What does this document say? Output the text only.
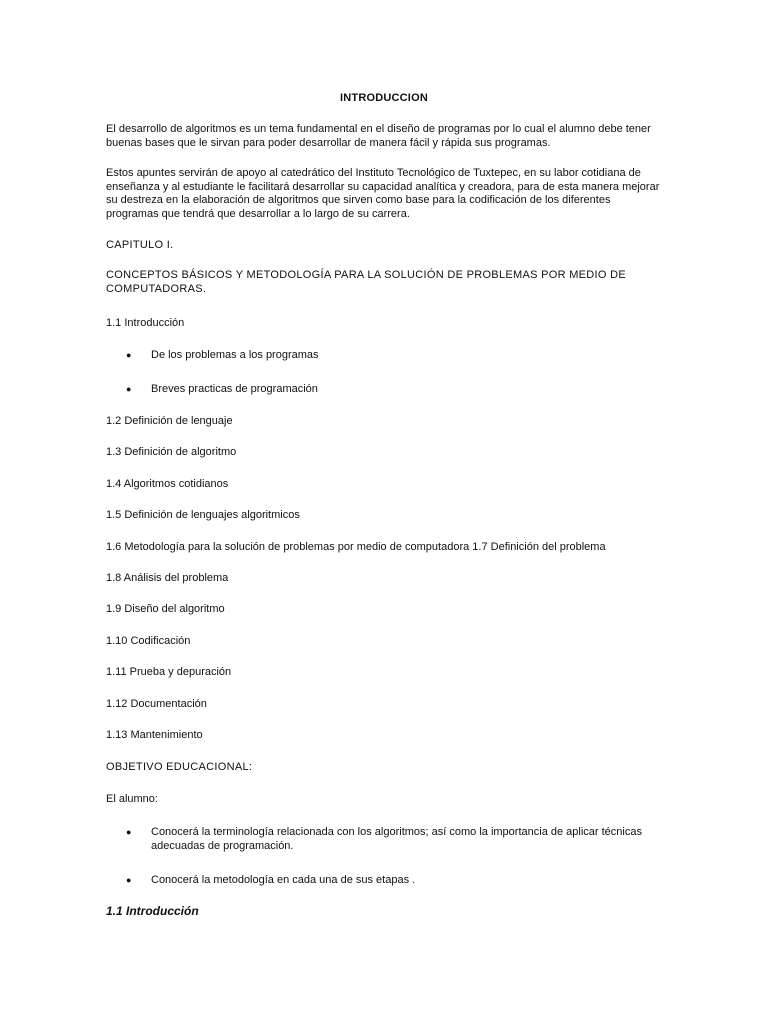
INTRODUCCION

El desarrollo de algoritmos es un tema fundamental en el diseño de programas por lo cual el alumno debe tener buenas bases que le sirvan para poder desarrollar de manera fácil y rápida sus programas.

Estos apuntes servirán de apoyo al catedrático del Instituto Tecnológico de Tuxtepec, en su labor cotidiana de enseñanza y al estudiante le facilitará desarrollar su capacidad analítica y creadora, para de esta manera mejorar su destreza en la elaboración de algoritmos que sirven como base para la codificación de los diferentes programas que tendrá que desarrollar a lo largo de su carrera.

CAPITULO I.

CONCEPTOS BÁSICOS Y METODOLOGÍA PARA LA SOLUCIÓN DE PROBLEMAS POR MEDIO DE COMPUTADORAS.

1.1 Introducción
●	De los problemas a los programas
●	Breves practicas de programación
1.2 Definición de lenguaje
1.3 Definición de algoritmo
1.4 Algoritmos cotidianos
1.5 Definición de lenguajes algoritmicos
1.6 Metodología para la solución de problemas por medio de computadora 1.7 Definición del problema
1.8 Análisis del problema
1.9 Diseño del algoritmo
1.10 Codificación
1.11 Prueba y depuración
1.12 Documentación
1.13 Mantenimiento
OBJETIVO EDUCACIONAL:
El alumno:
●	Conocerá la terminología relacionada con los algoritmos; así como la importancia de aplicar técnicas adecuadas de programación.
●	Conocerá la metodología en cada una de sus etapas .
1.1 Introducción
